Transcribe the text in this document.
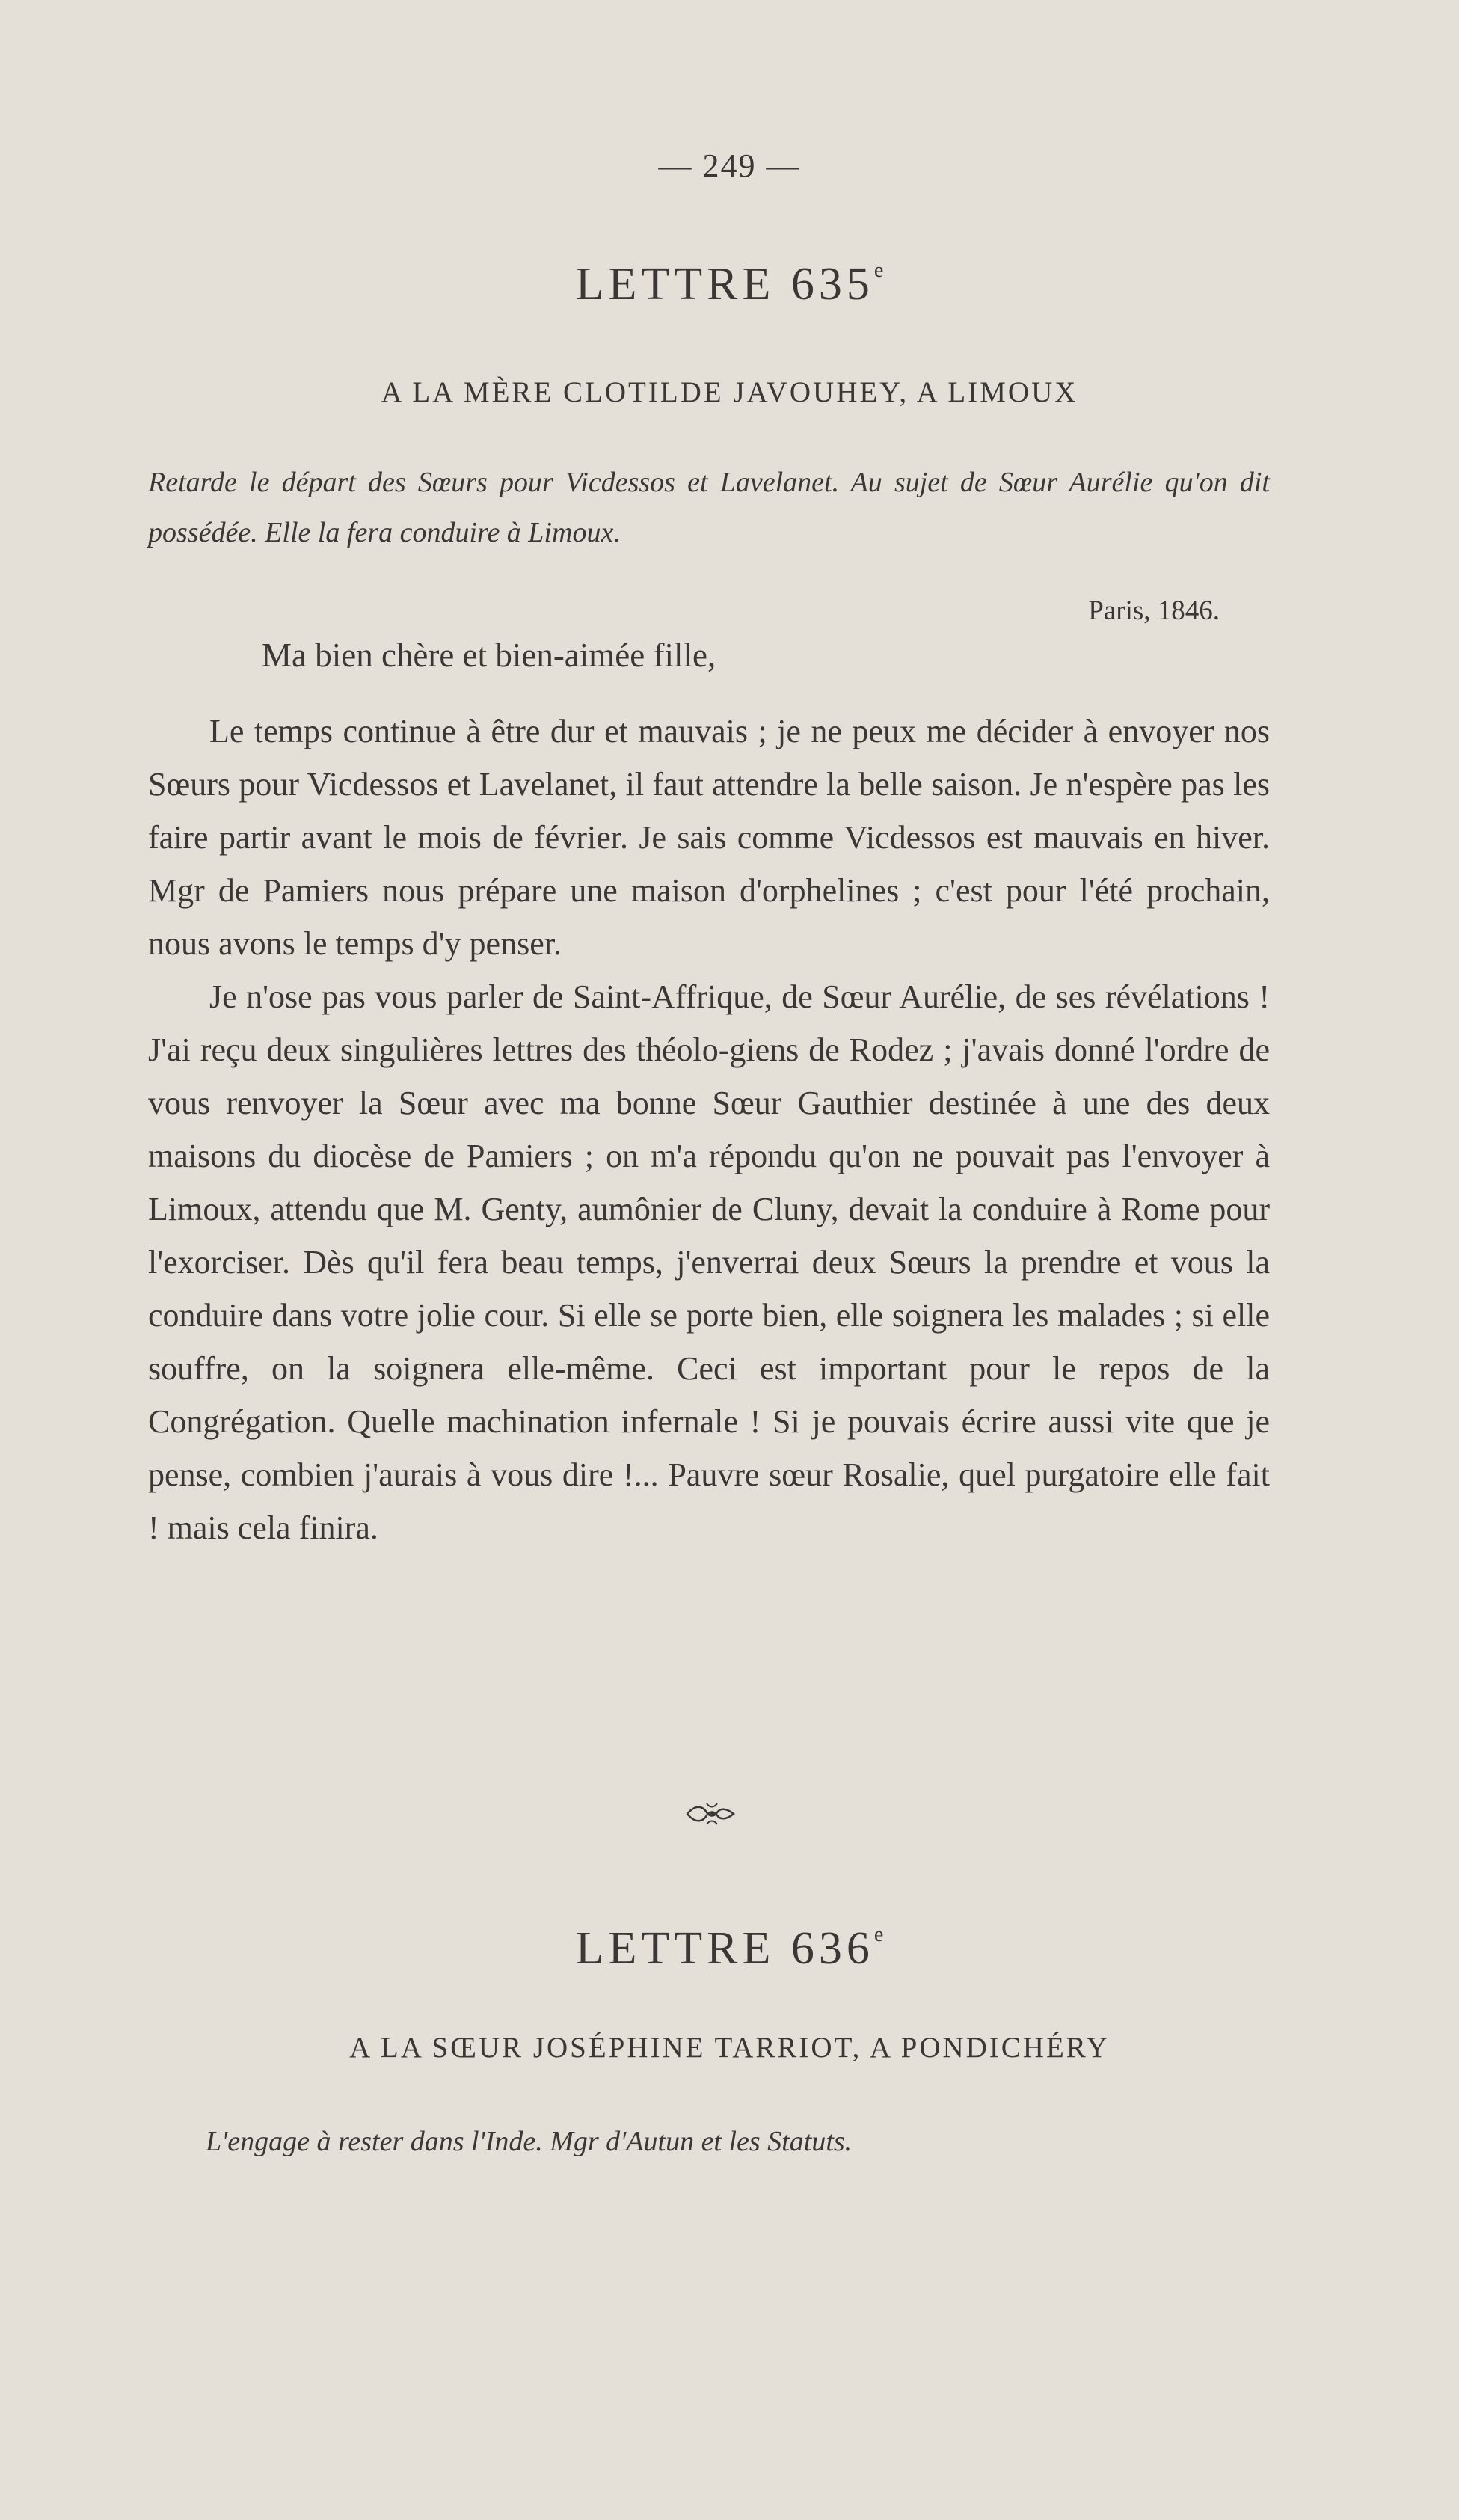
— 249 —
LETTRE 635e
A LA MÈRE CLOTILDE JAVOUHEY, A LIMOUX
Retarde le départ des Sœurs pour Vicdessos et Lavelanet. Au sujet de Sœur Aurélie qu'on dit possédée. Elle la fera conduire à Limoux.
Paris, 1846.
Ma bien chère et bien-aimée fille,

Le temps continue à être dur et mauvais ; je ne peux me décider à envoyer nos Sœurs pour Vicdessos et Lavelanet, il faut attendre la belle saison. Je n'espère pas les faire partir avant le mois de février. Je sais comme Vicdessos est mauvais en hiver. Mgr de Pamiers nous prépare une maison d'orphelines ; c'est pour l'été prochain, nous avons le temps d'y penser.

Je n'ose pas vous parler de Saint-Affrique, de Sœur Aurélie, de ses révélations ! J'ai reçu deux singulières lettres des théolo-giens de Rodez ; j'avais donné l'ordre de vous renvoyer la Sœur avec ma bonne Sœur Gauthier destinée à une des deux maisons du diocèse de Pamiers ; on m'a répondu qu'on ne pouvait pas l'envoyer à Limoux, attendu que M. Genty, aumônier de Cluny, devait la conduire à Rome pour l'exorciser. Dès qu'il fera beau temps, j'enverrai deux Sœurs la prendre et vous la conduire dans votre jolie cour. Si elle se porte bien, elle soignera les malades ; si elle souffre, on la soignera elle-même. Ceci est important pour le repos de la Congrégation. Quelle machination infernale ! Si je pouvais écrire aussi vite que je pense, combien j'aurais à vous dire !... Pauvre sœur Rosalie, quel purgatoire elle fait ! mais cela finira.

LETTRE 636e
A LA SŒUR JOSÉPHINE TARRIOT, A PONDICHÉRY
L'engage à rester dans l'Inde. Mgr d'Autun et les Statuts.
